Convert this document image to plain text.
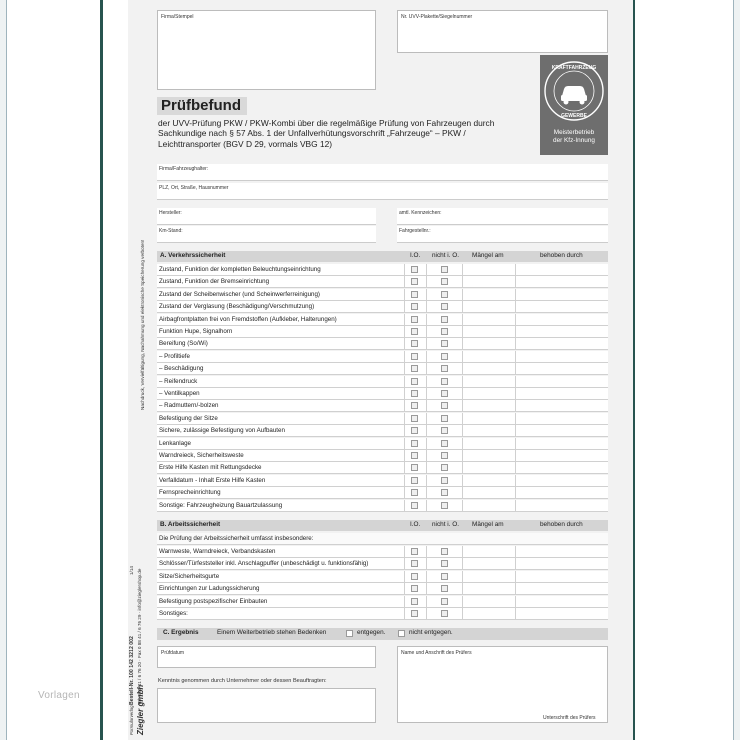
Firma/Stempel	Nr. UVV-Plakette/Siegelnummer
KRAFTFAHRZEUG
GEWERBE
Meisterbetrieb
der Kfz-Innung
Prüfbefund
der UVV-Prüfung PKW / PKW-Kombi über die regelmäßige Prüfung von Fahrzeugen durch Sachkundige nach § 57 Abs. 1 der Unfallverhütungsvorschrift „Fahrzeuge“ – PKW / Leichttransporter (BGV D 29, vormals VBG 12)
Firma/Fahrzeughalter:
PLZ, Ort, Straße, Hausnummer
Hersteller:	amtl. Kennzeichen:
Km-Stand:	Fahrgestellnr.:
A. Verkehrssicherheit	I.O. nicht i. O. Mängel am	behoben durch
Zustand, Funktion der kompletten Beleuchtungseinrichtung
Zustand, Funktion der Bremseinrichtung
Zustand der Scheibenwischer (und Scheinwerferreinigung)
Zustand der Verglasung (Beschädigung/Verschmutzung)
Airbagfrontplatten frei von Fremdstoffen (Aufkleber, Halterungen)
Funktion Hupe, Signalhorn
Bereifung (So/Wi)
– Profiltiefe
– Beschädigung
– Reifendruck
– Ventilkappen
– Radmuttern/-bolzen
Befestigung der Sitze
Sichere, zulässige Befestigung von Aufbauten
Lenkanlage
Warndreieck, Sicherheitsweste
Erste Hilfe Kasten mit Rettungsdecke
Verfalldatum - Inhalt Erste Hilfe Kasten
Fernsprecheinrichtung
Sonstige: Fahrzeugheizung Bauartzulassung
B. Arbeitssicherheit	I.O. nicht i. O. Mängel am	behoben durch
Die Prüfung der Arbeitssicherheit umfasst insbesondere:
Warnweste, Warndreieck, Verbandskasten
Schlösser/Türfeststeller inkl. Anschlagpuffer (unbeschädigt u. funktionsfähig)
Sitze/Sicherheitsgurte
Einrichtungen zur Ladungssicherung
Befestigung postspezifischer Einbauten
Sonstiges:
C. Ergebnis	Einem Weiterbetrieb stehen Bedenken	entgegen.	nicht entgegen.
Prüfdatum	Name und Anschrift des Prüfers
Unterschrift des Prüfers
Kenntnis genommen durch Unternehmer oder dessen Beauftragten:
Nachdruck, Vervielfältigung, Nachahmung und elektronische Speicherung verboten!
Bestell-Nr. 100 142 3212 002 Tel. 0 88 41 / 6 76 20 · Fax 0 88 41 / 6 76 29 · info@zieglershop.de
1/14
Ziegler gmbh
Formularverlag
Vorlagen
